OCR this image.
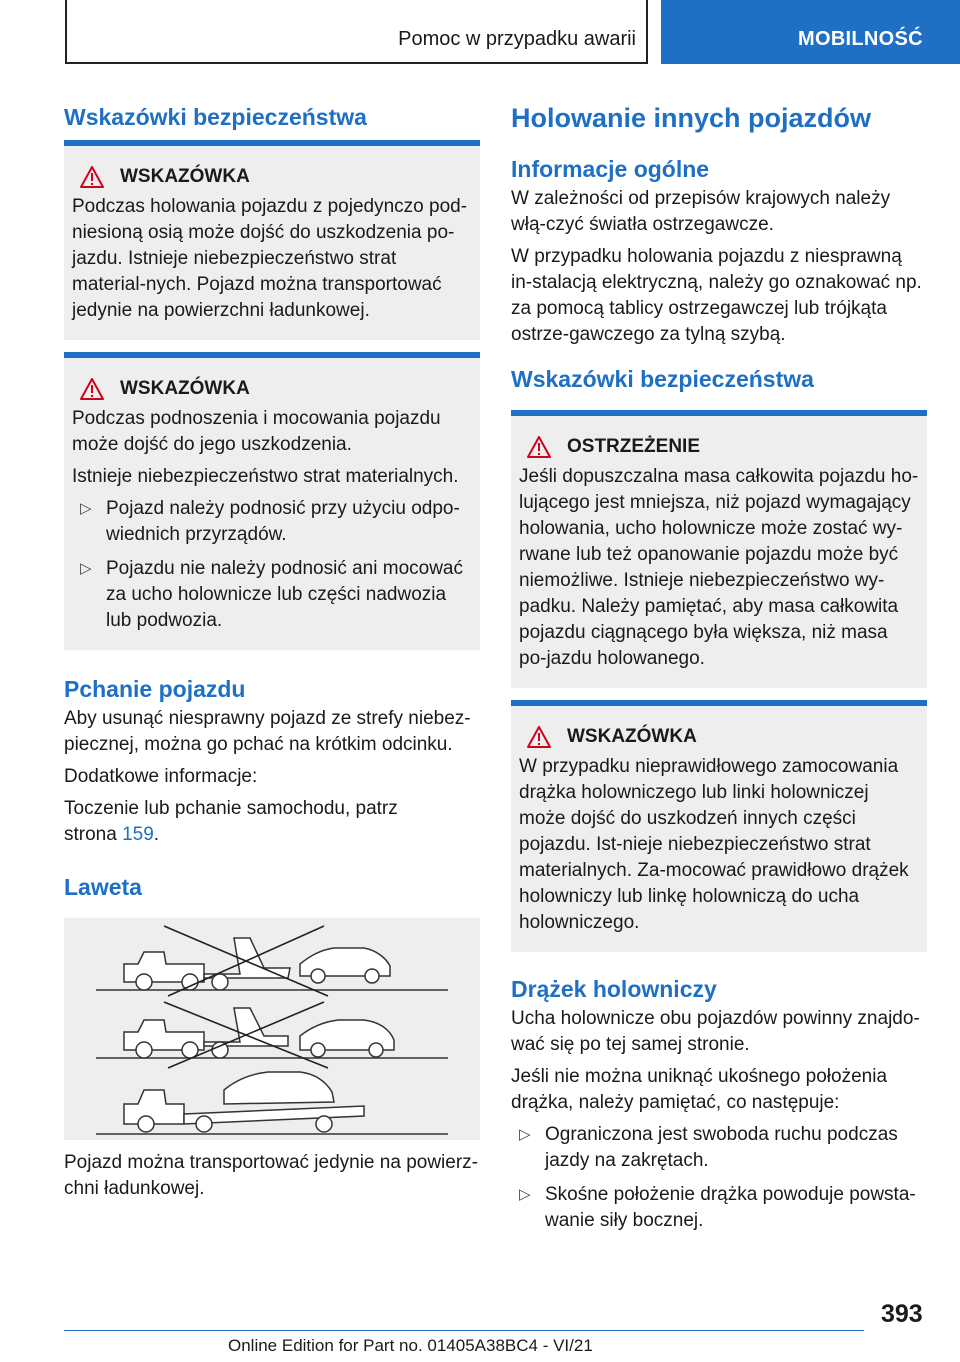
Pomoc w przypadku awarii	MOBILNOŚĆ
Wskazówki bezpieczeństwa
WSKAZÓWKA

Podczas holowania pojazdu z pojedynczo pod-niesioną osią może dojść do uszkodzenia po-jazdu. Istnieje niebezpieczeństwo strat material-nych. Pojazd można transportować jedynie na powierzchni ładunkowej.

WSKAZÓWKA

Podczas podnoszenia i mocowania pojazdu może dojść do jego uszkodzenia.

Istnieje niebezpieczeństwo strat materialnych.

▷ Pojazd należy podnosić przy użyciu odpo-wiednich przyrządów.
▷ Pojazdu nie należy podnosić ani mocować za ucho holownicze lub części nadwozia lub podwozia.
Pchanie pojazdu

Aby usunąć niesprawny pojazd ze strefy niebez-piecznej, można go pchać na krótkim odcinku.

Dodatkowe informacje:

Toczenie lub pchanie samochodu, patrz strona 159.

Laweta

Pojazd można transportować jedynie na powierz-chni ładunkowej.

Holowanie innych pojazdów
Informacje ogólne

W zależności od przepisów krajowych należy włą-czyć światła ostrzegawcze.

W przypadku holowania pojazdu z niesprawną in-stalacją elektryczną, należy go oznakować np. za pomocą tablicy ostrzegawczej lub trójkąta ostrze-gawczego za tylną szybą.

Wskazówki bezpieczeństwa
OSTRZEŻENIE

Jeśli dopuszczalna masa całkowita pojazdu ho-lującego jest mniejsza, niż pojazd wymagający holowania, ucho holownicze może zostać wy-rwane lub też opanowanie pojazdu może być niemożliwe. Istnieje niebezpieczeństwo wy-padku. Należy pamiętać, aby masa całkowita pojazdu ciągnącego była większa, niż masa po-jazdu holowanego.

WSKAZÓWKA

W przypadku nieprawidłowego zamocowania drążka holowniczego lub linki holowniczej może dojść do uszkodzeń innych części pojazdu. Ist-nieje niebezpieczeństwo strat materialnych. Za-mocować prawidłowo drążek holowniczy lub linkę holowniczą do ucha holowniczego.

Drążek holowniczy

Ucha holownicze obu pojazdów powinny znajdo-wać się po tej samej stronie.

Jeśli nie można uniknąć ukośnego położenia drążka, należy pamiętać, co następuje:

▷ Ograniczona jest swoboda ruchu podczas jazdy na zakrętach.
▷ Skośne położenie drążka powoduje powsta-wanie siły bocznej.
393
Online Edition for Part no. 01405A38BC4 - VI/21
